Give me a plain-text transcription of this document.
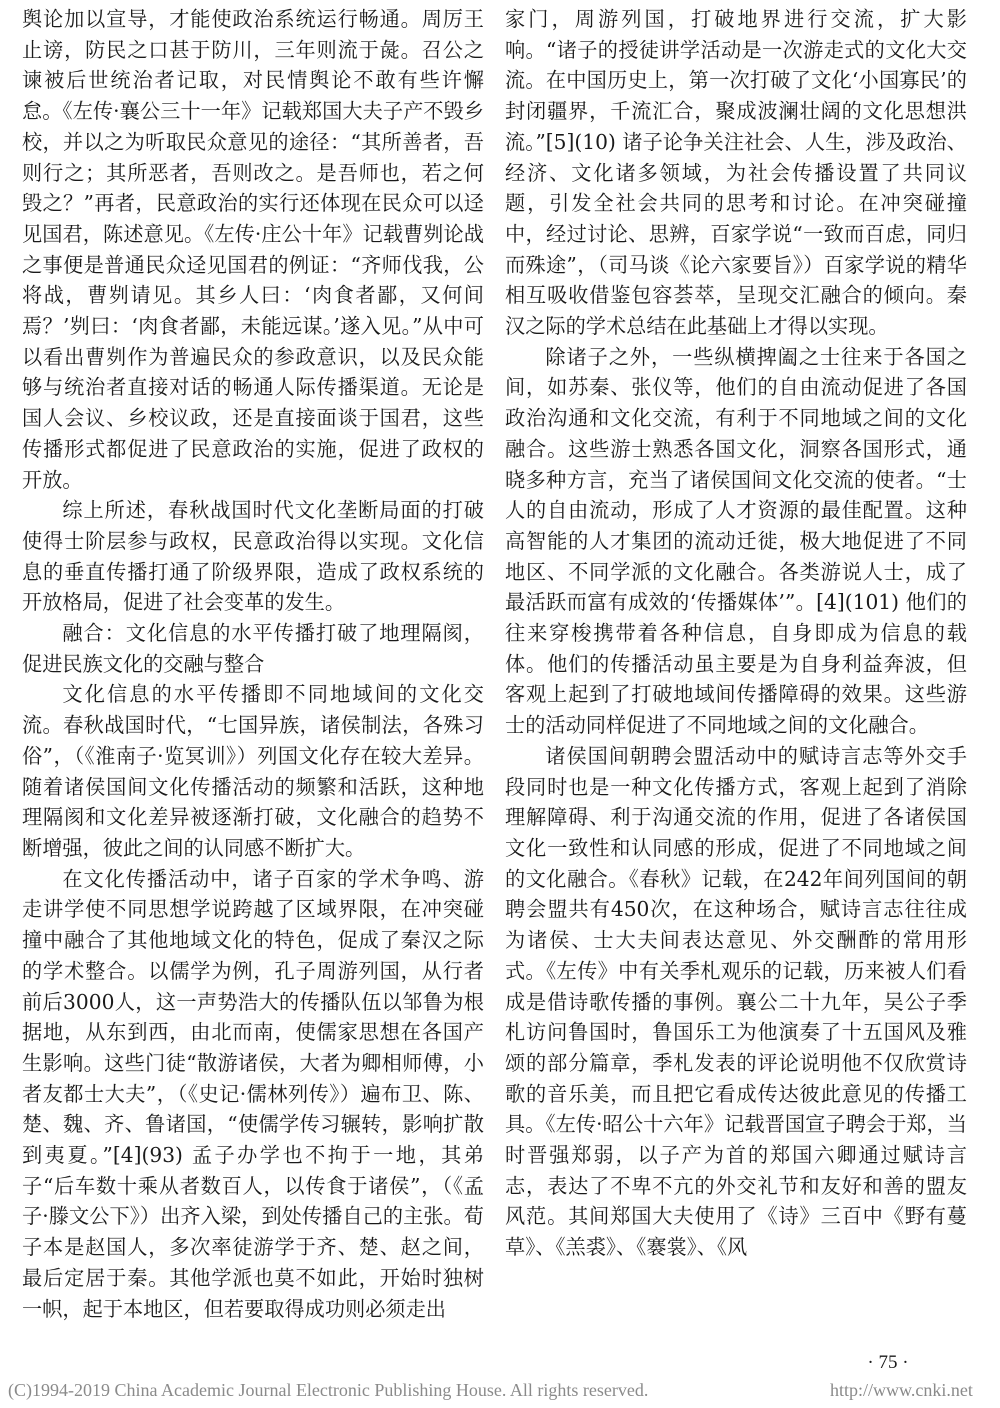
舆论加以宣导，才能使政治系统运行畅通。周厉王止谤，防民之口甚于防川，三年则流于彘。召公之谏被后世统治者记取，对民情舆论不敢有些许懈怠。《左传·襄公三十一年》记载郑国大夫子产不毁乡校，并以之为听取民众意见的途径：“其所善者，吾则行之；其所恶者，吾则改之。是吾师也，若之何毁之？”再者，民意政治的实行还体现在民众可以迳见国君，陈述意见。《左传·庄公十年》记载曹刿论战之事便是普通民众迳见国君的例证：“齐师伐我，公将战，曹刿请见。其乡人曰：‘肉食者鄙，又何间焉？’刿曰：‘肉食者鄙，未能远谋。’遂入见。”从中可以看出曹刿作为普遍民众的参政意识，以及民众能够与统治者直接对话的畅通人际传播渠道。无论是国人会议、乡校议政，还是直接面谈于国君，这些传播形式都促进了民意政治的实施，促进了政权的开放。

综上所述，春秋战国时代文化垄断局面的打破使得士阶层参与政权，民意政治得以实现。文化信息的垂直传播打通了阶级界限，造成了政权系统的开放格局，促进了社会变革的发生。

融合：文化信息的水平传播打破了地理隔阂，促进民族文化的交融与整合

文化信息的水平传播即不同地域间的文化交流。春秋战国时代，“七国异族，诸侯制法，各殊习俗”，（《淮南子·览冥训》）列国文化存在较大差异。随着诸侯国间文化传播活动的频繁和活跃，这种地理隔阂和文化差异被逐渐打破，文化融合的趋势不断增强，彼此之间的认同感不断扩大。

在文化传播活动中，诸子百家的学术争鸣、游走讲学使不同思想学说跨越了区域界限，在冲突碰撞中融合了其他地域文化的特色，促成了秦汉之际的学术整合。以儒学为例，孔子周游列国，从行者前后3000人，这一声势浩大的传播队伍以邹鲁为根据地，从东到西，由北而南，使儒家思想在各国产生影响。这些门徒“散游诸侯，大者为卿相师傅，小者友都士大夫”，（《史记·儒林列传》）遍布卫、陈、楚、魏、齐、鲁诸国，“使儒学传习辗转，影响扩散到夷夏。”[4](93) 孟子办学也不拘于一地，其弟子“后车数十乘从者数百人，以传食于诸侯”，（《孟子·滕文公下》）出齐入梁，到处传播自己的主张。荀子本是赵国人，多次率徒游学于齐、楚、赵之间，最后定居于秦。其他学派也莫不如此，开始时独树一帜，起于本地区，但若要取得成功则必须走出

家门，周游列国，打破地界进行交流，扩大影响。“诸子的授徒讲学活动是一次游走式的文化大交流。在中国历史上，第一次打破了文化‘小国寡民’的封闭疆界，千流汇合，聚成波澜壮阔的文化思想洪流。”[5](10) 诸子论争关注社会、人生，涉及政治、经济、文化诸多领域，为社会传播设置了共同议题，引发全社会共同的思考和讨论。在冲突碰撞中，经过讨论、思辨，百家学说“一致而百虑，同归而殊途”，（司马谈《论六家要旨》）百家学说的精华相互吸收借鉴包容荟萃，呈现交汇融合的倾向。秦汉之际的学术总结在此基础上才得以实现。

除诸子之外，一些纵横捭阖之士往来于各国之间，如苏秦、张仪等，他们的自由流动促进了各国政治沟通和文化交流，有利于不同地域之间的文化融合。这些游士熟悉各国文化，洞察各国形式，通晓多种方言，充当了诸侯国间文化交流的使者。“士人的自由流动，形成了人才资源的最佳配置。这种高智能的人才集团的流动迁徙，极大地促进了不同地区、不同学派的文化融合。各类游说人士，成了最活跃而富有成效的‘传播媒体’”。[4](101) 他们的往来穿梭携带着各种信息，自身即成为信息的载体。他们的传播活动虽主要是为自身利益奔波，但客观上起到了打破地域间传播障碍的效果。这些游士的活动同样促进了不同地域之间的文化融合。

诸侯国间朝聘会盟活动中的赋诗言志等外交手段同时也是一种文化传播方式，客观上起到了消除理解障碍、利于沟通交流的作用，促进了各诸侯国文化一致性和认同感的形成，促进了不同地域之间的文化融合。《春秋》记载，在242年间列国间的朝聘会盟共有450次，在这种场合，赋诗言志往往成为诸侯、士大夫间表达意见、外交酬酢的常用形式。《左传》中有关季札观乐的记载，历来被人们看成是借诗歌传播的事例。襄公二十九年，吴公子季札访问鲁国时，鲁国乐工为他演奏了十五国风及雅颂的部分篇章，季札发表的评论说明他不仅欣赏诗歌的音乐美，而且把它看成传达彼此意见的传播工具。《左传·昭公十六年》记载晋国宣子聘会于郑，当时晋强郑弱，以子产为首的郑国六卿通过赋诗言志，表达了不卑不亢的外交礼节和友好和善的盟友风范。其间郑国大夫使用了《诗》三百中《野有蔓草》、《羔裘》、《褰裳》、《风

· 75 ·
(C)1994-2019 China Academic Journal Electronic Publishing House. All rights reserved.	http://www.cnki.net
